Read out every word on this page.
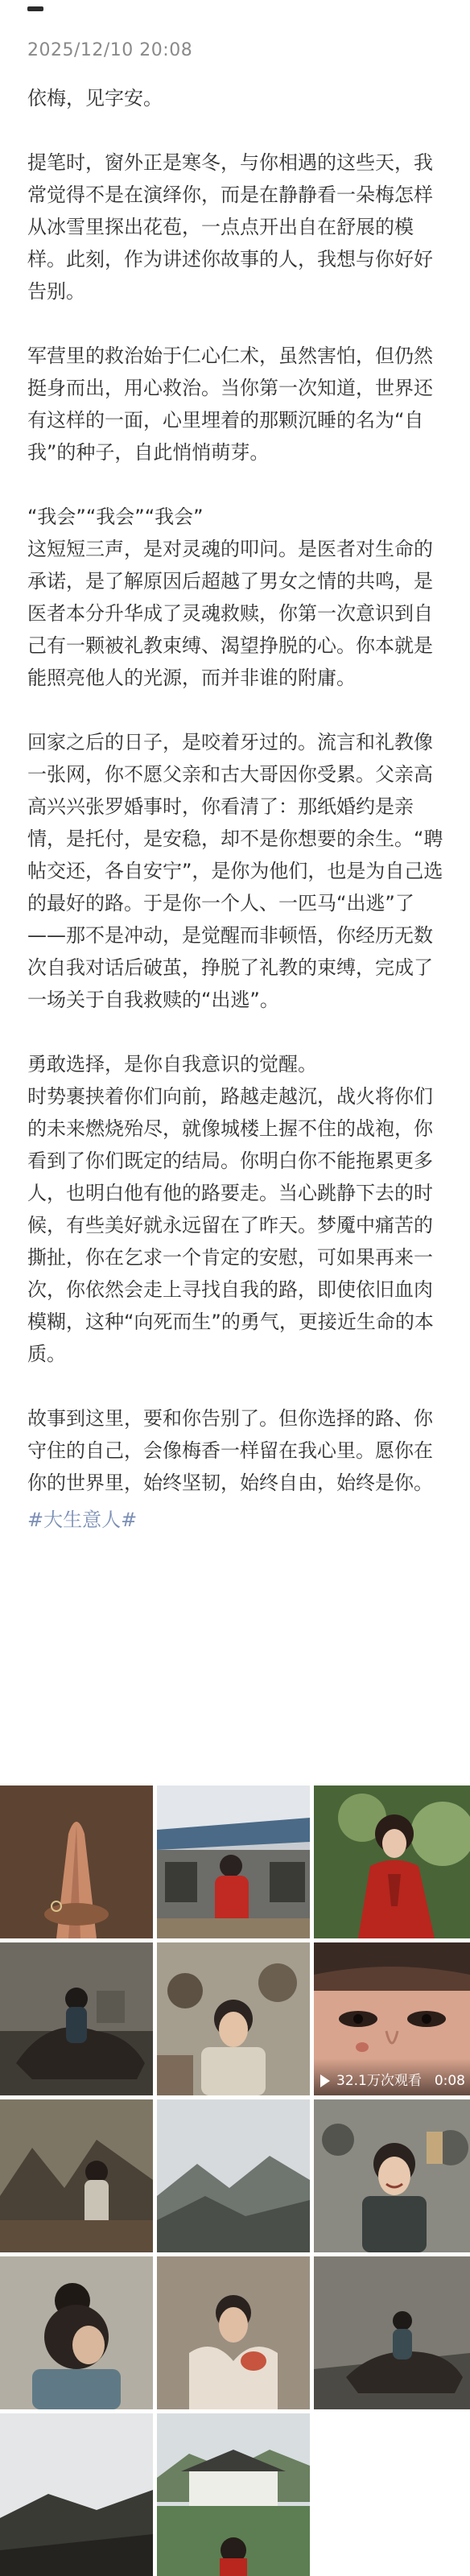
2025/12/10 20:08

依梅，见字安。

提笔时，窗外正是寒冬，与你相遇的这些天，我常觉得不是在演绎你，而是在静静看一朵梅怎样从冰雪里探出花苞，一点点开出自在舒展的模样。此刻，作为讲述你故事的人，我想与你好好告别。

军营里的救治始于仁心仁术，虽然害怕，但仍然挺身而出，用心救治。当你第一次知道，世界还有这样的一面，心里埋着的那颗沉睡的名为“自我”的种子，自此悄悄萌芽。

“我会”“我会”“我会”

这短短三声，是对灵魂的叩问。是医者对生命的承诺，是了解原因后超越了男女之情的共鸣，是医者本分升华成了灵魂救赎，你第一次意识到自己有一颗被礼教束缚、渴望挣脱的心。你本就是能照亮他人的光源，而并非谁的附庸。

回家之后的日子，是咬着牙过的。流言和礼教像一张网，你不愿父亲和古大哥因你受累。父亲高高兴兴张罗婚事时，你看清了：那纸婚约是亲情，是托付，是安稳，却不是你想要的余生。“聘帖交还，各自安宁”，是你为他们，也是为自己选的最好的路。于是你一个人、一匹马“出逃”了——那不是冲动，是觉醒而非顿悟，你经历无数次自我对话后破茧，挣脱了礼教的束缚，完成了一场关于自我救赎的“出逃”。

勇敢选择，是你自我意识的觉醒。

时势裹挟着你们向前，路越走越沉，战火将你们的未来燃烧殆尽，就像城楼上握不住的战袍，你看到了你们既定的结局。你明白你不能拖累更多人，也明白他有他的路要走。当心跳静下去的时候，有些美好就永远留在了昨天。梦魇中痛苦的撕扯，你在乞求一个肯定的安慰，可如果再来一次，你依然会走上寻找自我的路，即使依旧血肉模糊，这种“向死而生”的勇气，更接近生命的本质。

故事到这里，要和你告别了。但你选择的路、你守住的自己，会像梅香一样留在我心里。愿你在你的世界里，始终坚韧，始终自由，始终是你。

#大生意人#
32.1万次观看 0:08
